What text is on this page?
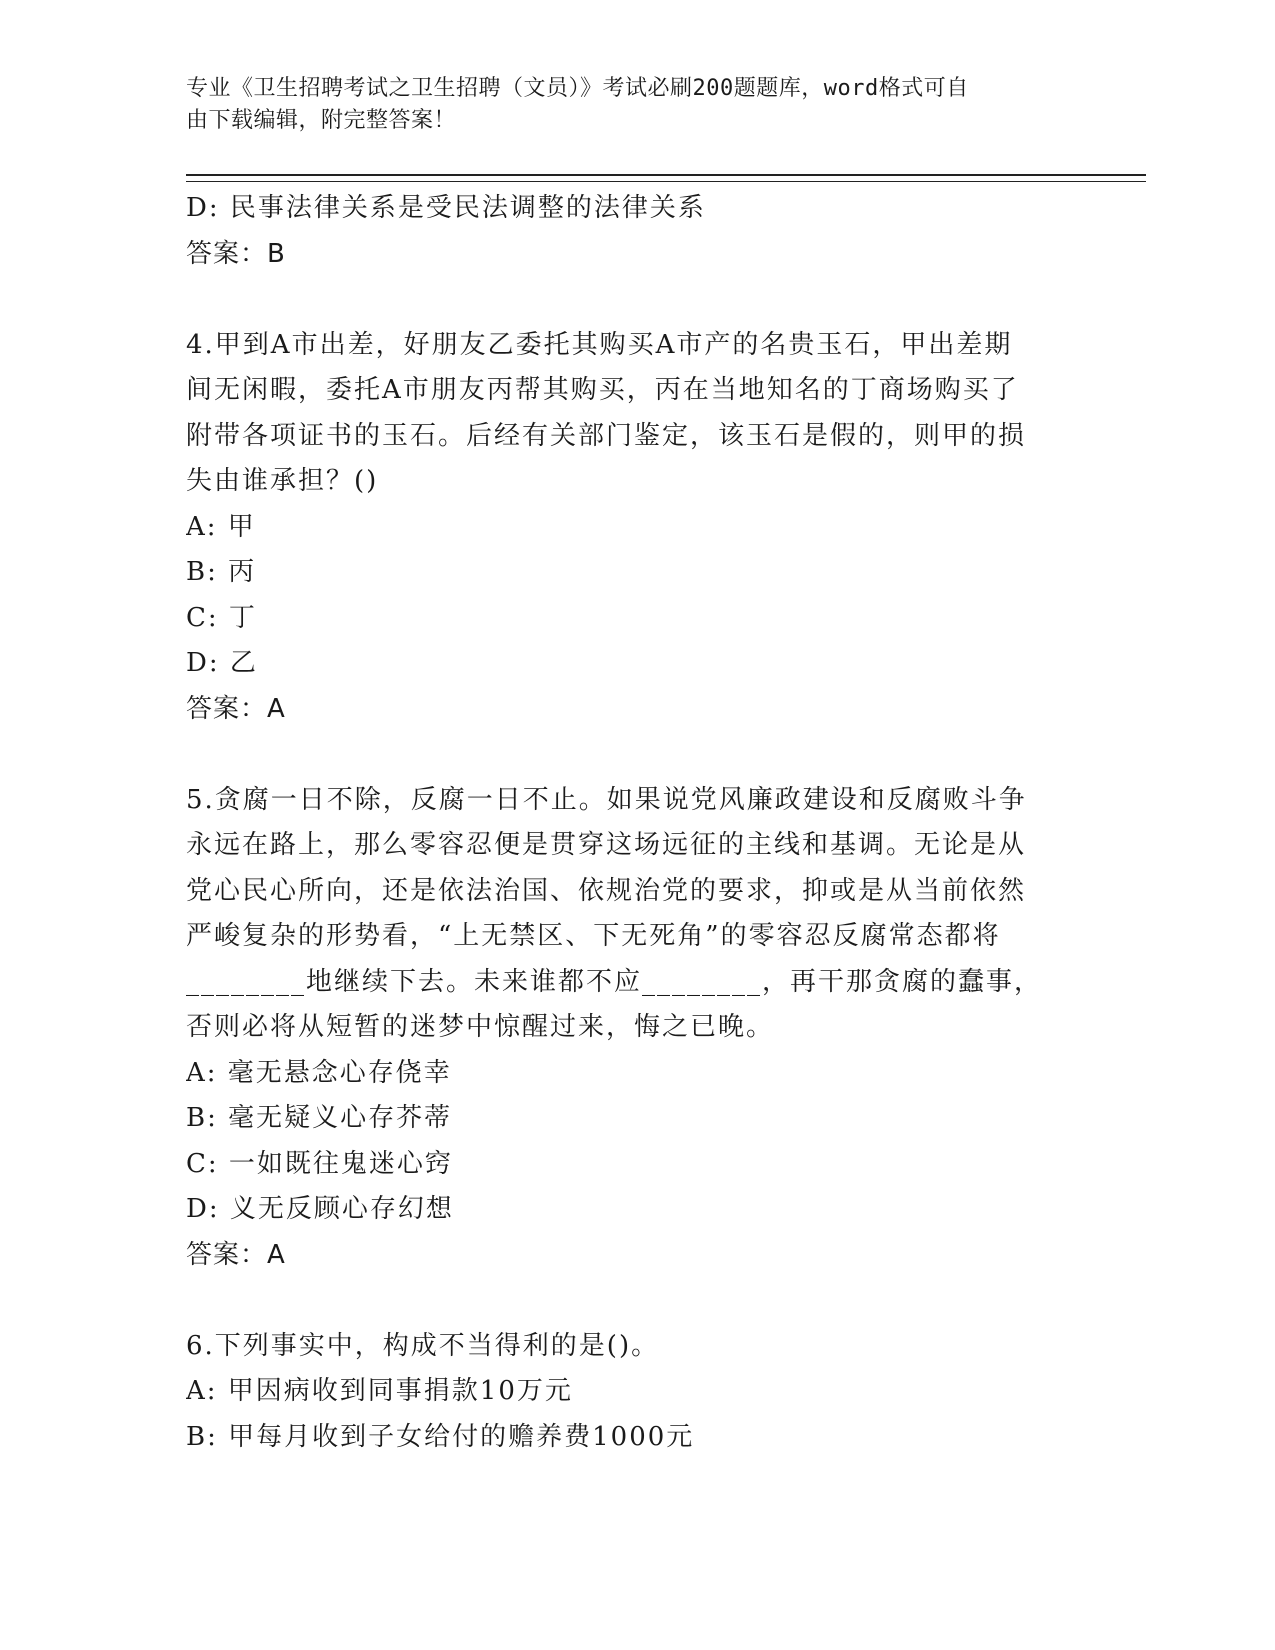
专业《卫生招聘考试之卫生招聘（文员）》考试必刷200题题库，word格式可自
由下载编辑，附完整答案！
D: 民事法律关系是受民法调整的法律关系
答案：B
4.甲到A市出差，好朋友乙委托其购买A市产的名贵玉石，甲出差期
间无闲暇，委托A市朋友丙帮其购买，丙在当地知名的丁商场购买了
附带各项证书的玉石。后经有关部门鉴定，该玉石是假的，则甲的损
失由谁承担？()
A: 甲
B: 丙
C: 丁
D: 乙
答案：A
5.贪腐一日不除，反腐一日不止。如果说党风廉政建设和反腐败斗争
永远在路上，那么零容忍便是贯穿这场远征的主线和基调。无论是从
党心民心所向，还是依法治国、依规治党的要求，抑或是从当前依然
严峻复杂的形势看，“上无禁区、下无死角”的零容忍反腐常态都将
________地继续下去。未来谁都不应________，再干那贪腐的蠢事，
否则必将从短暂的迷梦中惊醒过来，悔之已晚。
A: 毫无悬念心存侥幸
B: 毫无疑义心存芥蒂
C: 一如既往鬼迷心窍
D: 义无反顾心存幻想
答案：A
6.下列事实中，构成不当得利的是()。
A: 甲因病收到同事捐款10万元
B: 甲每月收到子女给付的赡养费1000元
